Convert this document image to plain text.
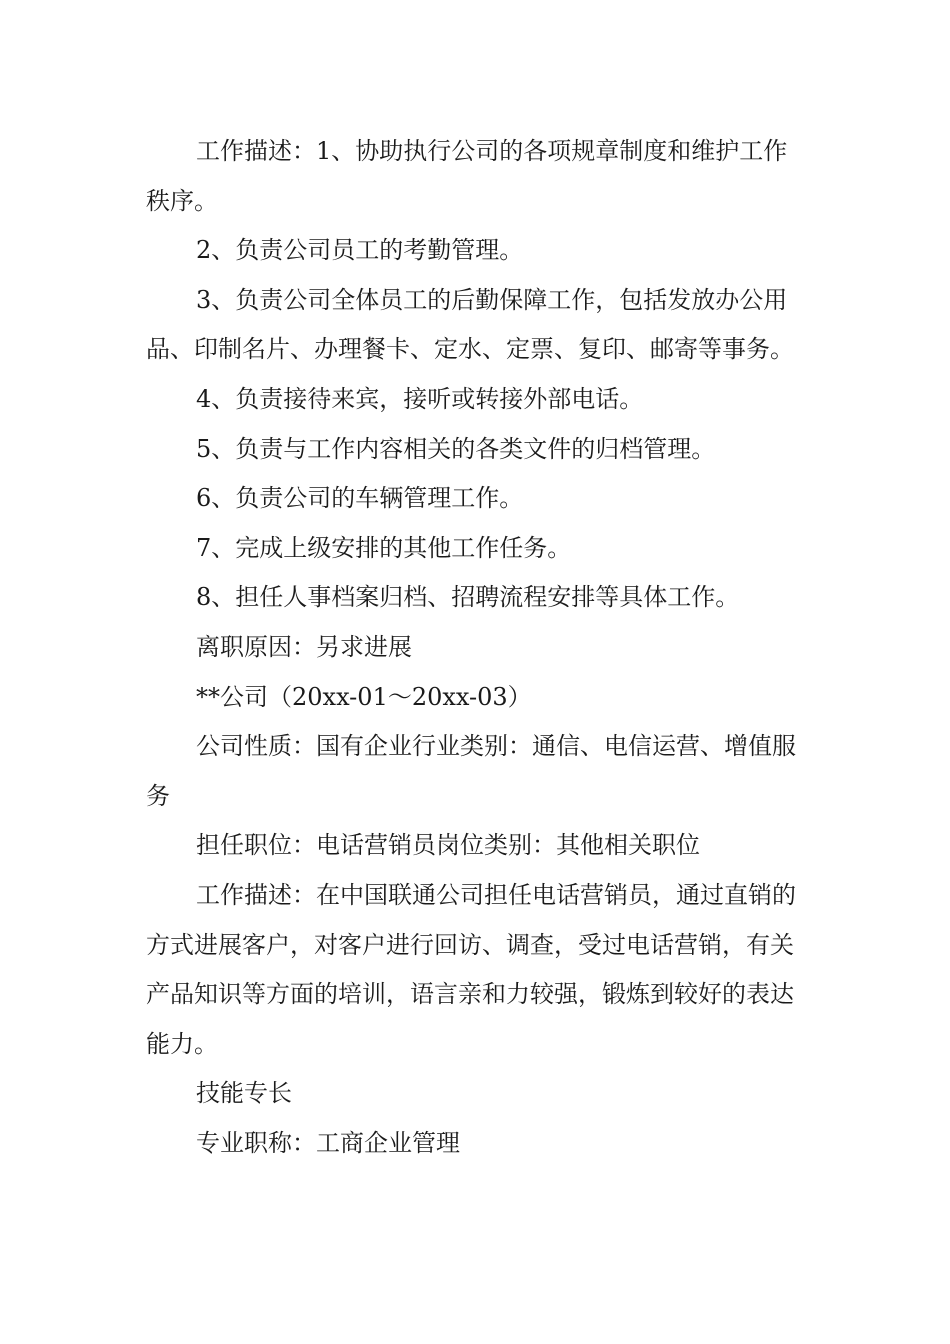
工作描述：1、协助执行公司的各项规章制度和维护工作秩序。

2、负责公司员工的考勤管理。

3、负责公司全体员工的后勤保障工作，包括发放办公用品、印制名片、办理餐卡、定水、定票、复印、邮寄等事务。

4、负责接待来宾，接听或转接外部电话。

5、负责与工作内容相关的各类文件的归档管理。

6、负责公司的车辆管理工作。

7、完成上级安排的其他工作任务。

8、担任人事档案归档、招聘流程安排等具体工作。

离职原因：另求进展

**公司（20xx-01～20xx-03）

公司性质：国有企业行业类别：通信、电信运营、增值服务

担任职位：电话营销员岗位类别：其他相关职位

工作描述：在中国联通公司担任电话营销员，通过直销的方式进展客户，对客户进行回访、调查，受过电话营销，有关产品知识等方面的培训，语言亲和力较强，锻炼到较好的表达能力。

技能专长

专业职称：工商企业管理
